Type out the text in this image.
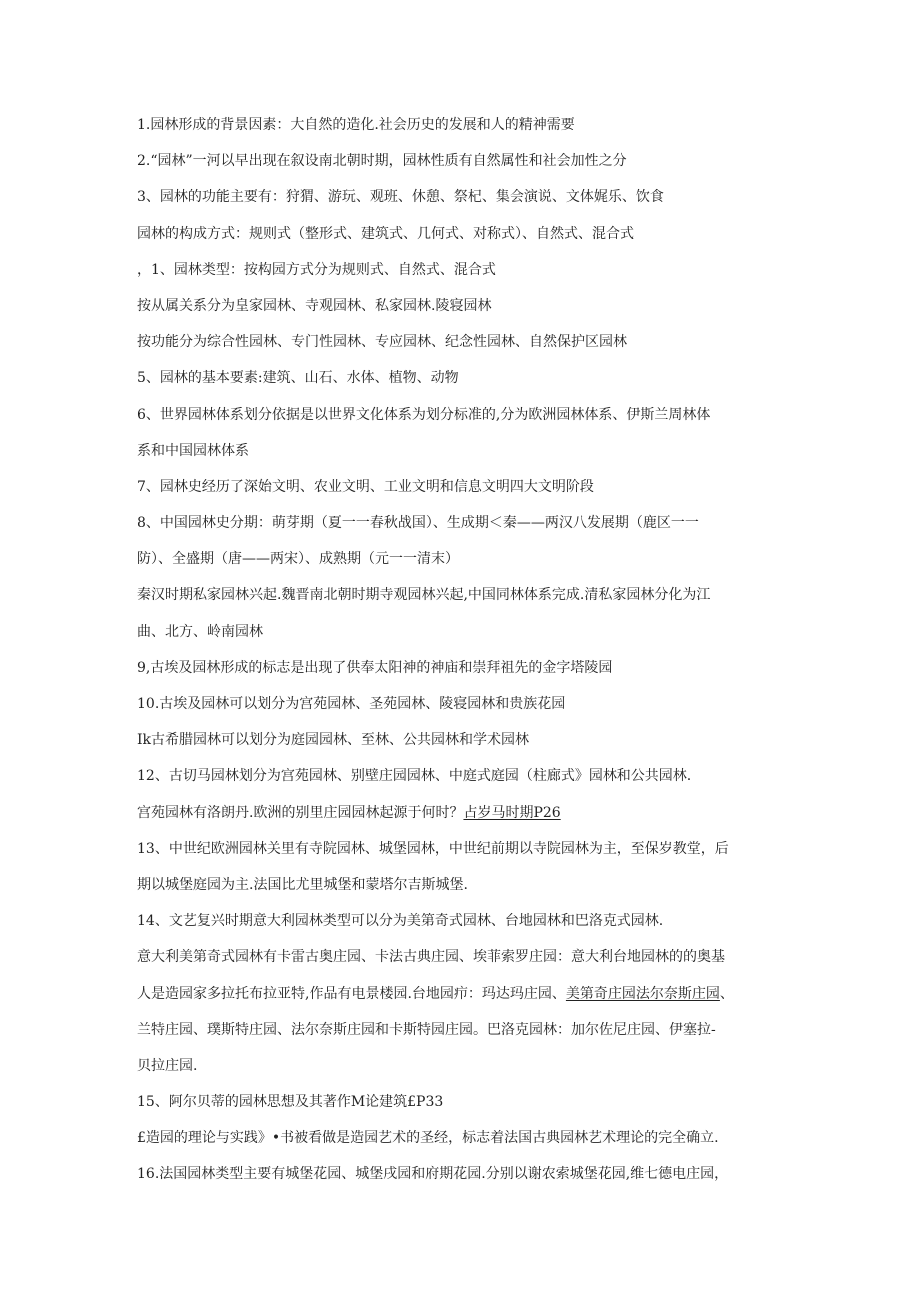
1.园林形成的背景因素：大自然的造化.社会历史的发展和人的精神需要
2.“园林”一河以早出现在叙设南北朝时期，园林性质有自然属性和社会加性之分
3、园林的功能主要有：狩猬、游玩、观班、休憩、祭杞、集会演说、文体娓乐、饮食
园林的构成方式：规则式（整形式、建筑式、几何式、对称式）、自然式、混合式
，1、园林类型：按构园方式分为规则式、自然式、混合式
按从属关系分为皇家园林、寺观园林、私家园林.陵寝园林
按功能分为综合性园林、专门性园林、专应园林、纪念性园林、自然保护区园林
5、园林的基本要素:建筑、山石、水体、植物、动物
6、世界园林体系划分依据是以世界文化体系为划分标准的,分为欧洲园林体系、伊斯兰周林体
系和中国园林体系
7、园林史经历了深始文明、农业文明、工业文明和信息文明四大文明阶段
8、中国园林史分期：萌芽期（夏一一春秋战国）、生成期＜秦——两汉八发展期（鹿区一一
防）、全盛期（唐——两宋）、成熟期（元一一清末）
秦汉时期私家园林兴起.魏晋南北朝时期寺观园林兴起,中国同林体系完成.清私家园林分化为江
曲、北方、岭南园林
9,古埃及园林形成的标志是出现了供奉太阳神的神庙和崇拜祖先的金字塔陵园
10.古埃及园林可以划分为宫苑园林、圣苑园林、陵寝园林和贵族花园
Ik古希腊园林可以划分为庭园园林、至林、公共园林和学术园林
12、古切马园林划分为宫苑园林、别壁庄园园林、中庭式庭园（柱廊式》园林和公共园林.
宫苑园林有洛朗丹.欧洲的别里庄园园林起源于何时？占岁马时期P26
13、中世纪欧洲园林关里有寺院园林、城堡园林，中世纪前期以寺院园林为主，至保岁教堂，后
期以城堡庭园为主.法国比尤里城堡和蒙塔尔吉斯城堡.
14、文艺复兴时期意大利园林类型可以分为美第奇式园林、台地园林和巴洛克式园林.
意大利美第奇式园林有卡雷古奥庄园、卡法古典庄园、埃菲索罗庄园：意大利台地园林的的奥基
人是造园家多拉托布拉亚特,作品有电景楼园.台地园疖：玛达玛庄园、美第奇庄园法尔奈斯庄园、
兰特庄园、璞斯特庄园、法尔奈斯庄园和卡斯特园庄园。巴洛克园林：加尔佐尼庄园、伊塞拉-
贝拉庄园.
15、阿尔贝蒂的园林思想及其著作M论建筑£P33
£造园的理论与实践》•书被看做是造园艺术的圣经，标志着法国古典园林艺术理论的完全确立.
16.法国园林类型主要有城堡花园、城堡戌园和府期花园.分别以谢农索城堡花园,维七德电庄园，
